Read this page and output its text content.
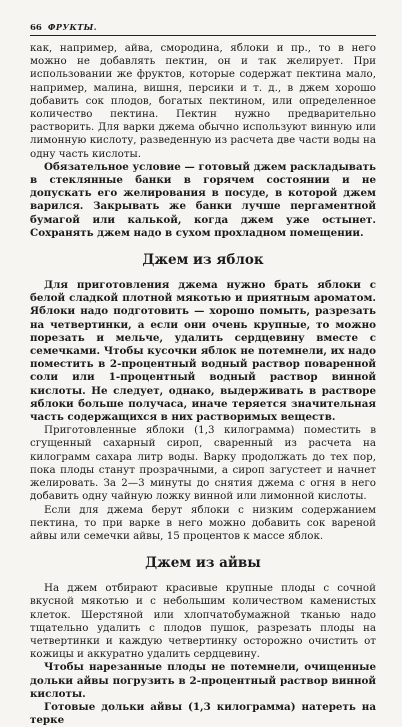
66 ФРУКТЫ.

как, например, айва, смородина, яблоки и пр., то в него можно не добавлять пектин, он и так желирует. При использовании же фруктов, которые содержат пектина мало, например, малина, вишня, персики и т. д., в джем хорошо добавить сок плодов, богатых пектином, или определенное количество пектина. Пектин нужно предварительно растворить. Для варки джема обычно используют винную или лимонную кислоту, разведенную из расчета две части воды на одну часть кислоты.

Обязательное условие — готовый джем раскладывать в стеклянные банки в горячем состоянии и не допускать его желирования в посуде, в которой джем варился. Закрывать же банки лучше пергаментной бумагой или калькой, когда джем уже остынет. Сохранять джем надо в сухом прохладном помещении.

Джем из яблок

Для приготовления джема нужно брать яблоки с белой сладкой плотной мякотью и приятным ароматом. Яблоки надо подготовить — хорошо помыть, разрезать на четвертинки, а если они очень крупные, то можно порезать и мельче, удалить сердцевину вместе с семечками. Чтобы кусочки яблок не потемнели, их надо поместить в 2-процентный водный раствор поваренной соли или 1-процентный водный раствор винной кислоты. Не следует, однако, выдерживать в растворе яблоки больше получаса, иначе теряется значительная часть содержащихся в них растворимых веществ.

Приготовленные яблоки (1,3 килограмма) поместить в сгущенный сахарный сироп, сваренный из расчета на килограмм сахара литр воды. Варку продолжать до тех пор, пока плоды станут прозрачными, а сироп загустеет и начнет желировать. За 2—3 минуты до снятия джема с огня в него добавить одну чайную ложку винной или лимонной кислоты.

Если для джема берут яблоки с низким содержанием пектина, то при варке в него можно добавить сок вареной айвы или семечки айвы, 15 процентов к массе яблок.

Джем из айвы

На джем отбирают красивые крупные плоды с сочной вкусной мякотью и с небольшим количеством каменистых клеток. Шерстяной или хлопчатобумажной тканью надо тщательно удалить с плодов пушок, разрезать плоды на четвертинки и каждую четвертинку осторожно очистить от кожицы и аккуратно удалить сердцевину.

Чтобы нарезанные плоды не потемнели, очищенные дольки айвы погрузить в 2-процентный раствор винной кислоты.

Готовые дольки айвы (1,3 килограмма) натереть на терке
